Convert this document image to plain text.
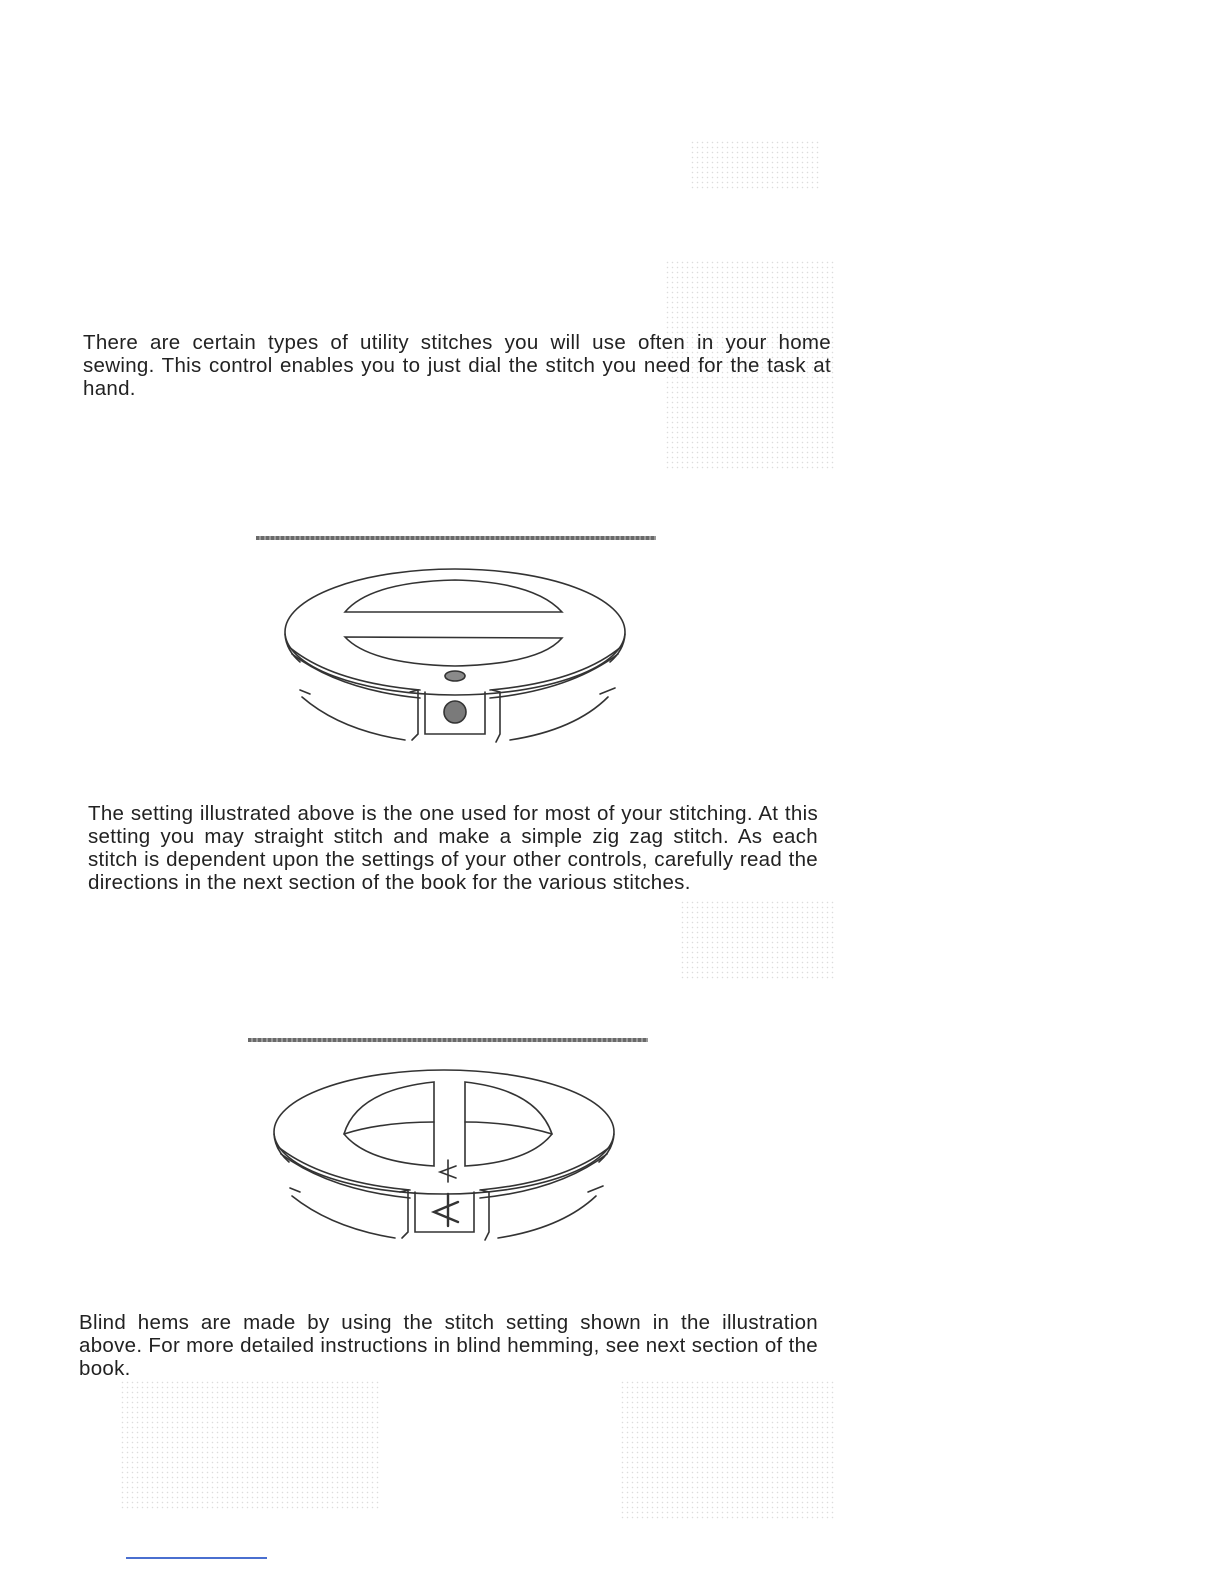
There are certain types of utility stitches you will use often in your home sewing. This control enables you to just dial the stitch you need for the task at hand.

The setting illustrated above is the one used for most of your stitching. At this setting you may straight stitch and make a simple zig zag stitch. As each stitch is dependent upon the settings of your other controls, carefully read the directions in the next section of the book for the various stitches.

Blind hems are made by using the stitch setting shown in the illustration above. For more detailed instructions in blind hemming, see next section of the book.
